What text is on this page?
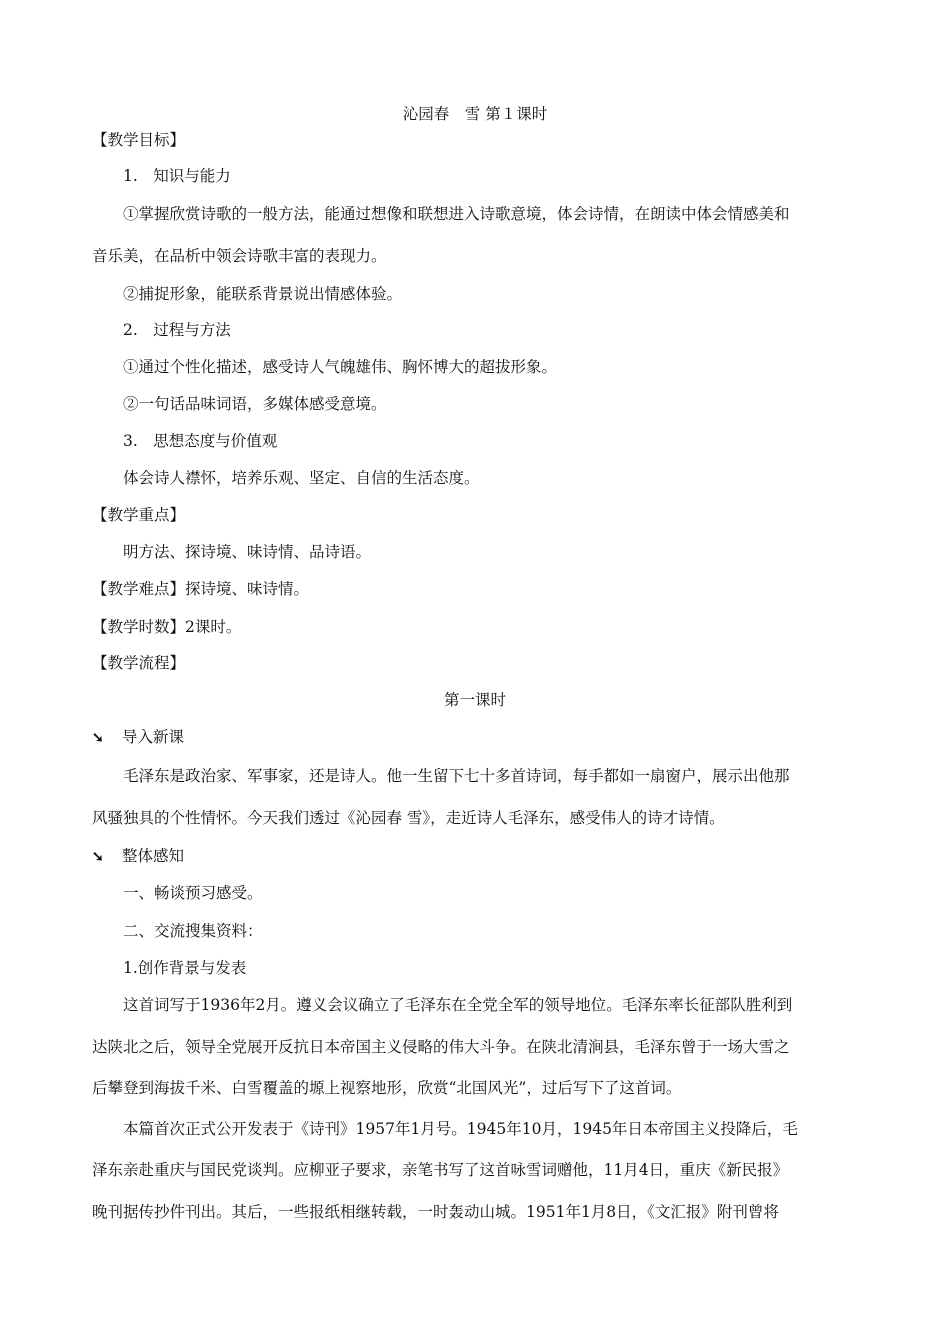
沁园春　雪 第１课时
【教学目标】
1.　知识与能力
①掌握欣赏诗歌的一般方法，能通过想像和联想进入诗歌意境，体会诗情，在朗读中体会情感美和
音乐美，在品析中领会诗歌丰富的表现力。
②捕捉形象，能联系背景说出情感体验。
2.　过程与方法
①通过个性化描述，感受诗人气魄雄伟、胸怀博大的超拔形象。
②一句话品味词语，多媒体感受意境。
3.　思想态度与价值观
体会诗人襟怀，培养乐观、坚定、自信的生活态度。
【教学重点】
明方法、探诗境、味诗情、品诗语。
【教学难点】探诗境、味诗情。
【教学时数】2课时。
【教学流程】
第一课时
➘ 导入新课
毛泽东是政治家、军事家，还是诗人。他一生留下七十多首诗词，每手都如一扇窗户，展示出他那
风骚独具的个性情怀。今天我们透过《沁园春 雪》，走近诗人毛泽东，感受伟人的诗才诗情。
➘ 整体感知
一、畅谈预习感受。
二、交流搜集资料：
1.创作背景与发表
这首词写于1936年2月。遵义会议确立了毛泽东在全党全军的领导地位。毛泽东率长征部队胜利到
达陕北之后，领导全党展开反抗日本帝国主义侵略的伟大斗争。在陕北清涧县，毛泽东曾于一场大雪之
后攀登到海拔千米、白雪覆盖的塬上视察地形，欣赏“北国风光”，过后写下了这首词。
本篇首次正式公开发表于《诗刊》1957年1月号。1945年10月，1945年日本帝国主义投降后，毛
泽东亲赴重庆与国民党谈判。应柳亚子要求，亲笔书写了这首咏雪词赠他，11月4日，重庆《新民报》
晚刊据传抄件刊出。其后，一些报纸相继转载，一时轰动山城。1951年1月8日，《文汇报》附刊曾将
